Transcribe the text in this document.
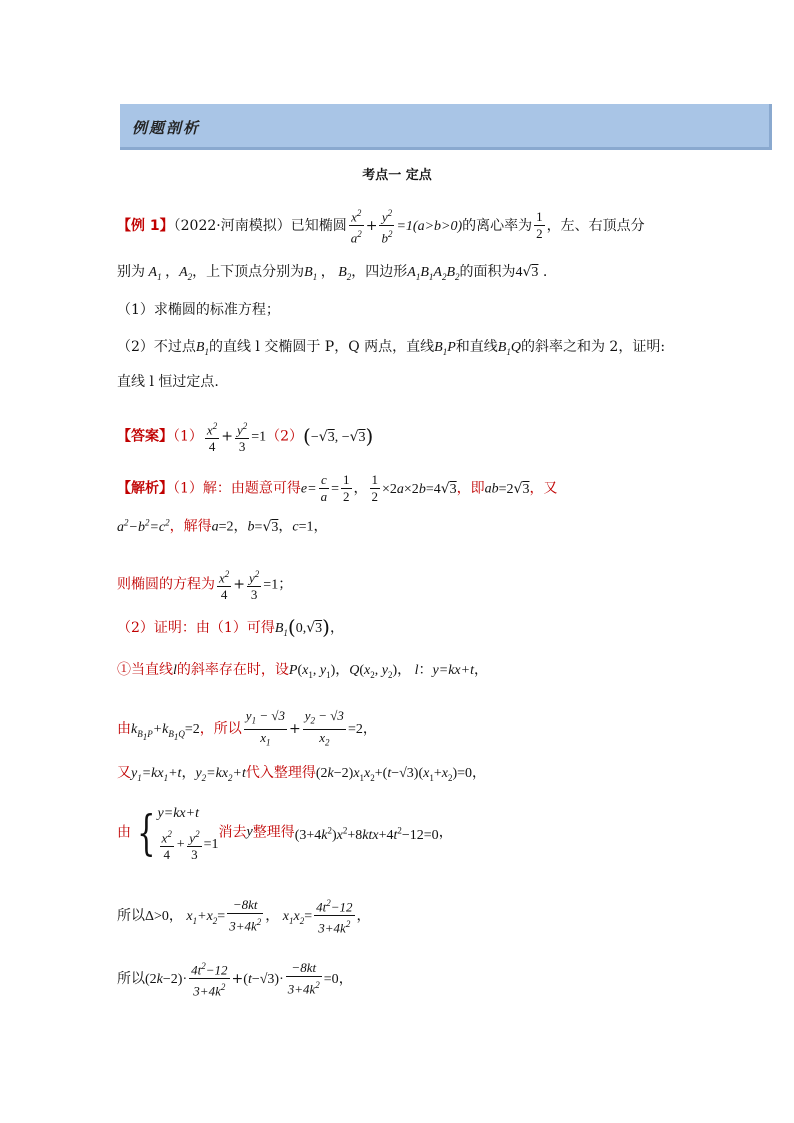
例题剖析
考点一 定点
【例 1】（2022·河南模拟）已知椭圆 $\frac{x^2}{a^2} + \frac{y^2}{b^2} =1(a>b>0)$的离心率为 $\frac{1}{2}$ ，左、右顶点分
别为 $A_1$ ，$A_2$，上下顶点分别为$B_1$ ， $B_2$，四边形$A_1B_1A_2B_2$的面积为4√3 .
（1）求椭圆的标准方程；
（2）不过点$B_1$的直线 l 交椭圆于 P，Q 两点，直线$B_1P$和直线$B_1Q$的斜率之和为 2，证明:
直线 l 恒过定点.
【答案】$(1) \frac{x^2}{4} + \frac{y^2}{3} =1(2)(-√3$, −√3)
【解析】（1）解：由题意可得$e= \frac{c}{a} = \frac{1}{2}$ ， $\frac{1}{2} \times 2a\times 2b=4√3$，即ab=2√3，又
$a^2-b^2=c^2$，解得a=2，b=√3，c=1，
则椭圆的方程为 $\frac{x^2}{4} + \frac{y^2}{3} =1$；
（2）证明：由（1）可得$B_1(0,√3)$，
①当直线l的斜率存在时，设$P(x_1$, $y_1$)，$Q(x_2$, $y_2$)， l：y=kx+t，
由$k_{B_1P}+k_{B_1Q}=2$，所以 $\frac{y_1 - √3}{x_1} + \frac{y_2 - √3}{x_2} =2$，
又$y_1=kx_1+t$，$y_2=kx_2+t$代入整理得$(2k-2)x_1x_2+(t-√3)(x_1+x_2)=0$，
由 { y=kx+t
$\frac{x^2}{4} + \frac{y^2}{3} =1$
消去y整理得$(3+4k^2)x^2+8ktx+4t^2-12=0$，
所以Δ>0， $x_1+x_2= \frac{-8kt}{3+4k^2}$ ， $x_1x_2= \frac{4t^2-12}{3+4k^2}$ ，
所以$(2k-2)\cdot \frac{4t^2-12}{3+4k^2} +(t-√3)\cdot \frac{-8kt}{3+4k^2} =0$，
